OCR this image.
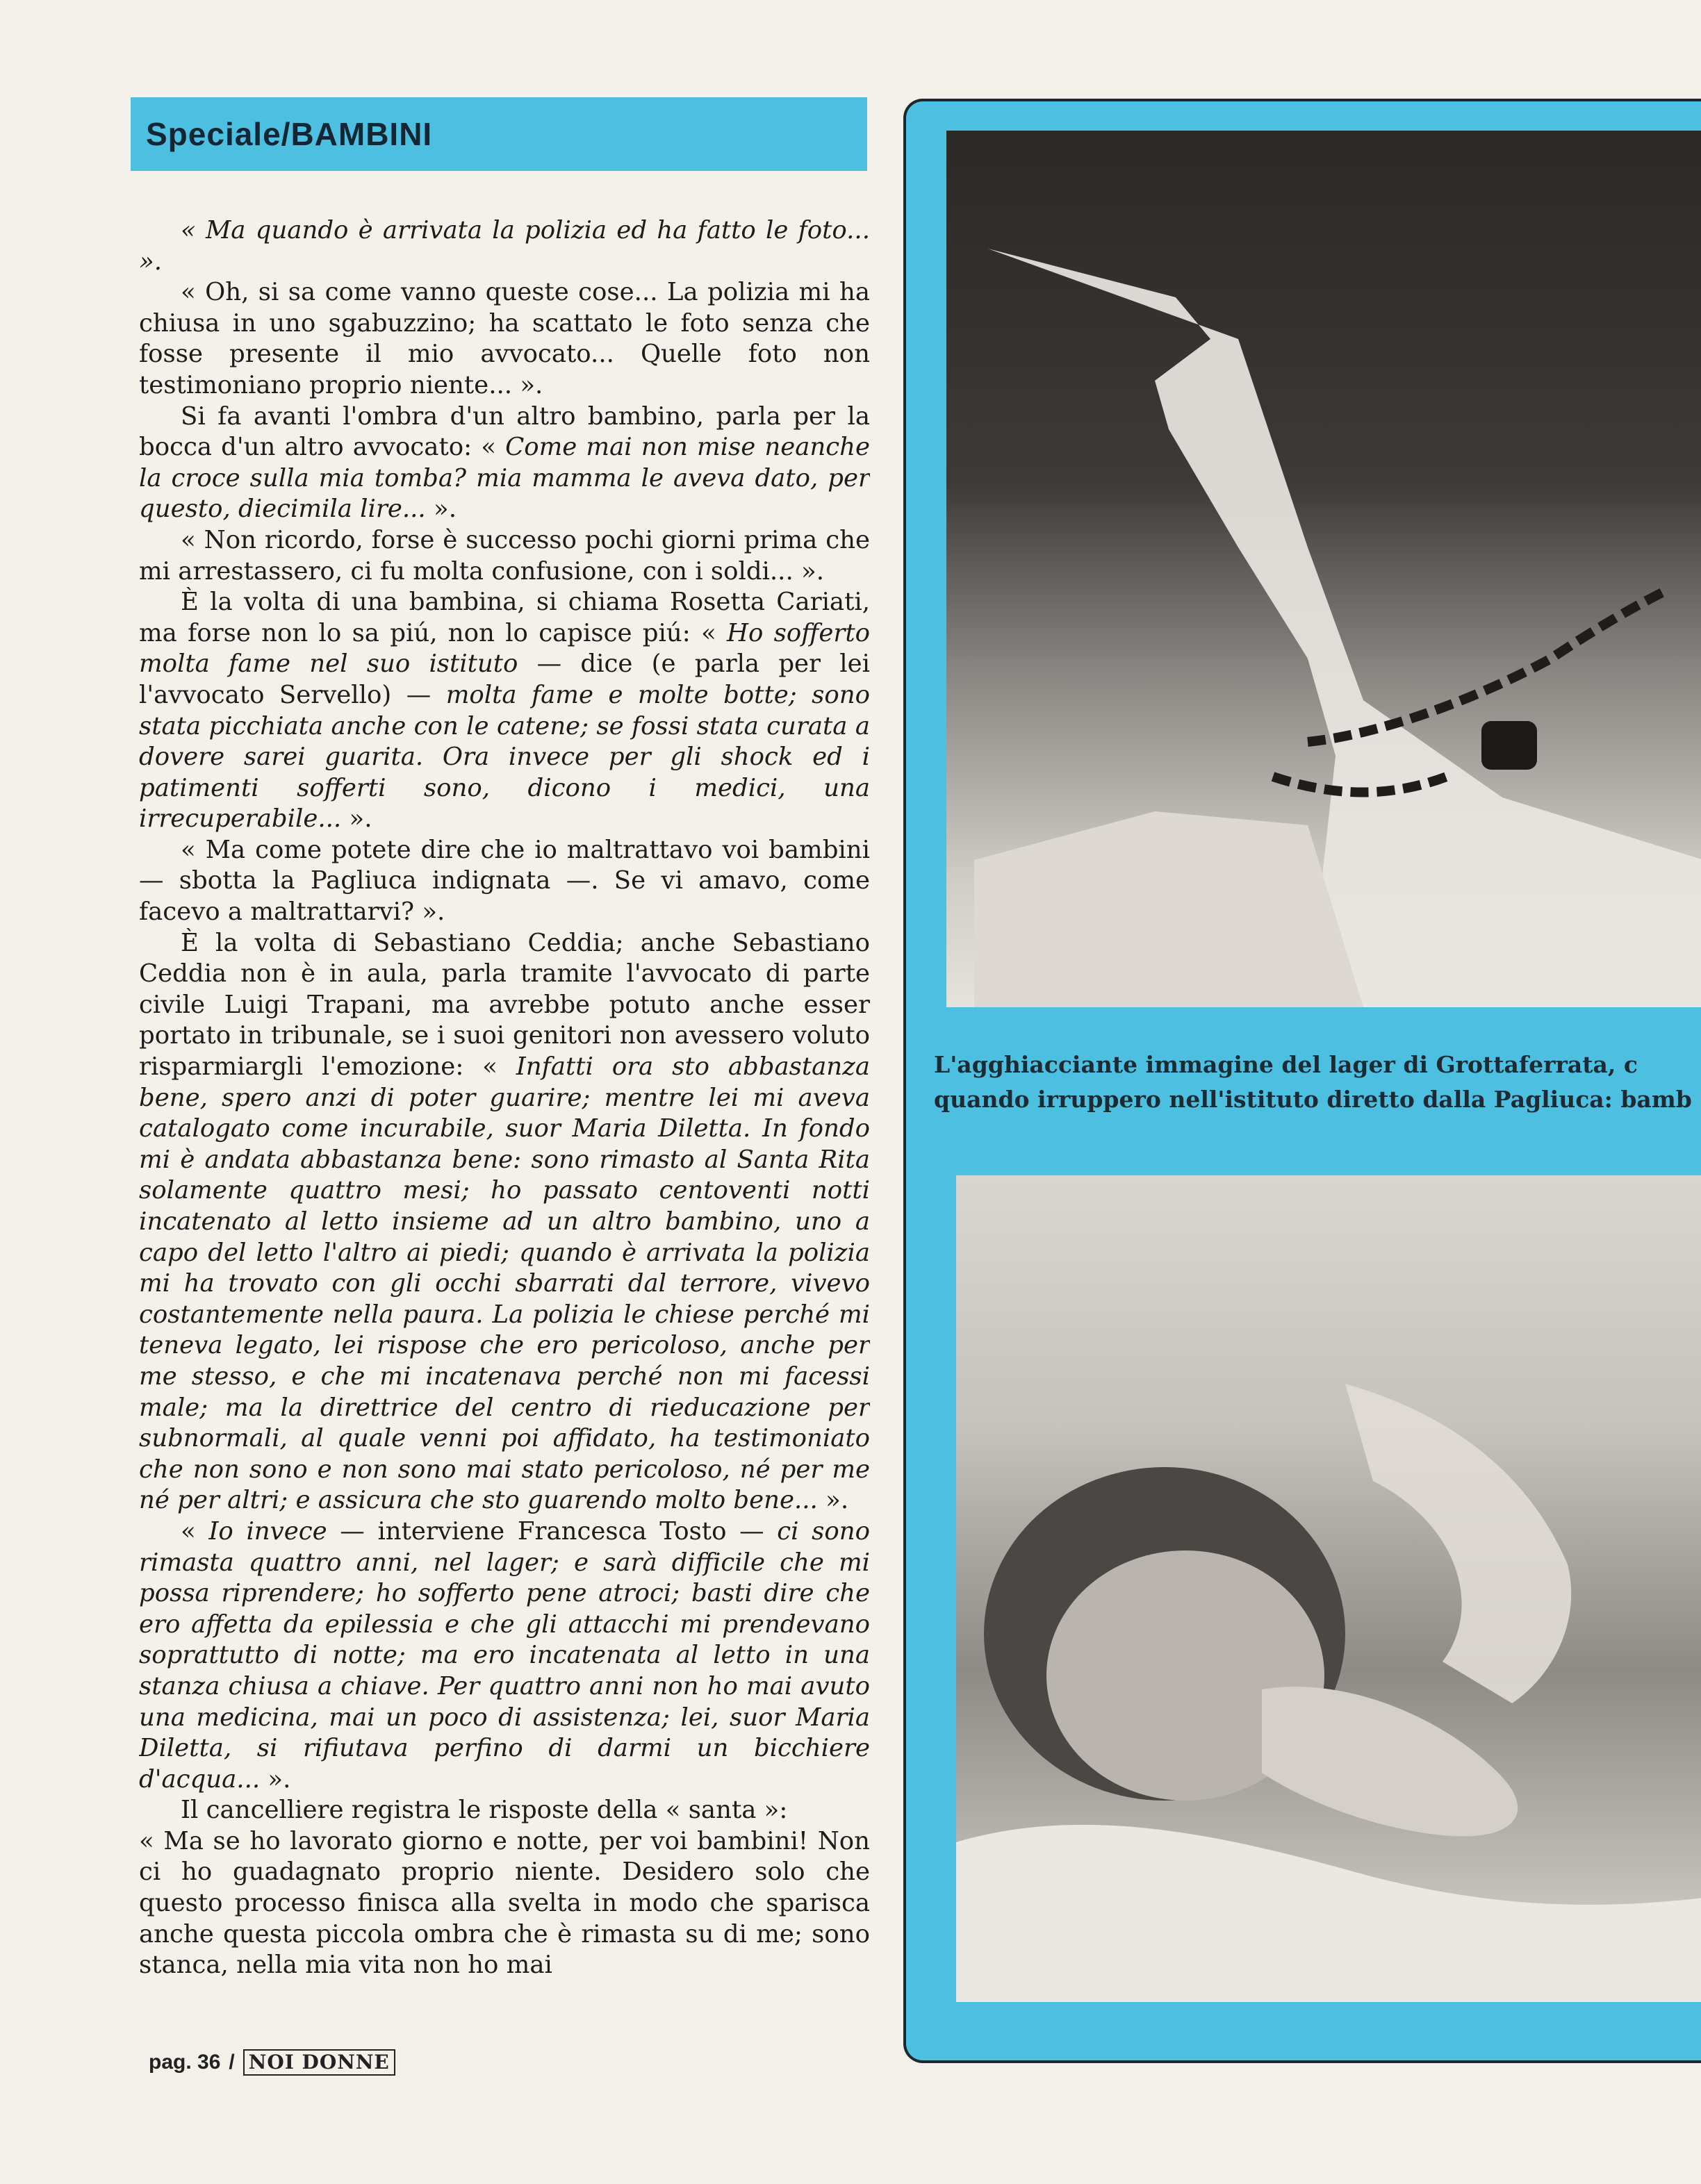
Speciale/BAMBINI

« Ma quando è arrivata la polizia ed ha fatto le foto... ».

« Oh, si sa come vanno queste cose... La polizia mi ha chiusa in uno sgabuzzino; ha scattato le foto senza che fosse presente il mio avvocato... Quelle foto non testimoniano proprio niente... ».

Si fa avanti l'ombra d'un altro bambino, parla per la bocca d'un altro avvocato: « Come mai non mise neanche la croce sulla mia tomba? mia mamma le aveva dato, per questo, diecimila lire... ».

« Non ricordo, forse è successo pochi giorni prima che mi arrestassero, ci fu molta confusione, con i soldi... ».

È la volta di una bambina, si chiama Rosetta Cariati, ma forse non lo sa piú, non lo capisce piú: « Ho sofferto molta fame nel suo istituto — dice (e parla per lei l'avvocato Servello) — molta fame e molte botte; sono stata picchiata anche con le catene; se fossi stata curata a dovere sarei guarita. Ora invece per gli shock ed i patimenti sofferti sono, dicono i medici, una irrecuperabile... ».

« Ma come potete dire che io maltrattavo voi bambini — sbotta la Pagliuca indignata —. Se vi amavo, come facevo a maltrattarvi? ».

È la volta di Sebastiano Ceddia; anche Sebastiano Ceddia non è in aula, parla tramite l'avvocato di parte civile Luigi Trapani, ma avrebbe potuto anche esser portato in tribunale, se i suoi genitori non avessero voluto risparmiargli l'emozione: « Infatti ora sto abbastanza bene, spero anzi di poter guarire; mentre lei mi aveva catalogato come incurabile, suor Maria Diletta. In fondo mi è andata abbastanza bene: sono rimasto al Santa Rita solamente quattro mesi; ho passato centoventi notti incatenato al letto insieme ad un altro bambino, uno a capo del letto l'altro ai piedi; quando è arrivata la polizia mi ha trovato con gli occhi sbarrati dal terrore, vivevo costantemente nella paura. La polizia le chiese perché mi teneva legato, lei rispose che ero pericoloso, anche per me stesso, e che mi incatenava perché non mi facessi male; ma la direttrice del centro di rieducazione per subnormali, al quale venni poi affidato, ha testimoniato che non sono e non sono mai stato pericoloso, né per me né per altri; e assicura che sto guarendo molto bene... ».

« Io invece — interviene Francesca Tosto — ci sono rimasta quattro anni, nel lager; e sarà difficile che mi possa riprendere; ho sofferto pene atroci; basti dire che ero affetta da epilessia e che gli attacchi mi prendevano soprattutto di notte; ma ero incatenata al letto in una stanza chiusa a chiave. Per quattro anni non ho mai avuto una medicina, mai un poco di assistenza; lei, suor Maria Diletta, si rifiutava perfino di darmi un bicchiere d'acqua... ».

Il cancelliere registra le risposte della « santa »:

« Ma se ho lavorato giorno e notte, per voi bambini! Non ci ho guadagnato proprio niente. Desidero solo che questo processo finisca alla svelta in modo che sparisca anche questa piccola ombra che è rimasta su di me; sono stanca, nella mia vita non ho mai

L'agghiacciante immagine del lager di Grottaferrata, c
quando irruppero nell'istituto diretto dalla Pagliuca: bamb
pag. 36 / NOI DONNE
